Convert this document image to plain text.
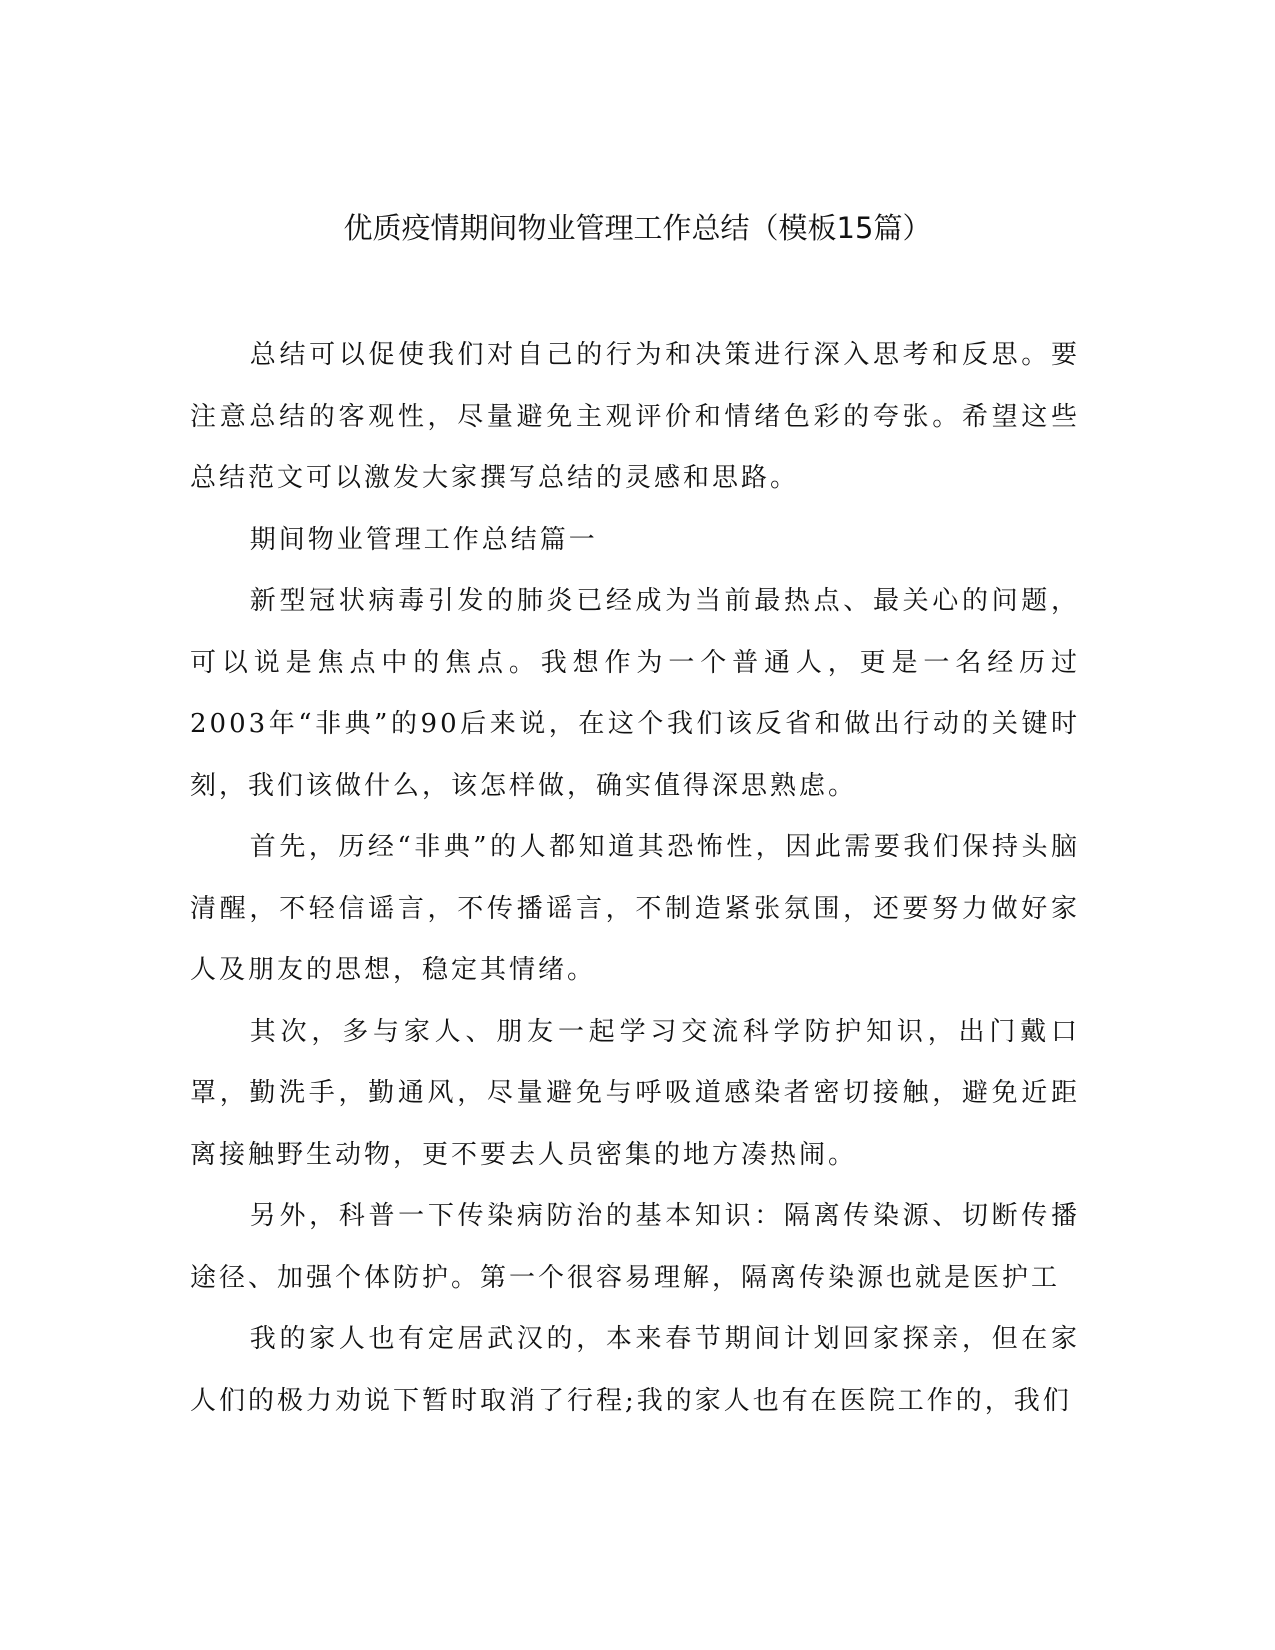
优质疫情期间物业管理工作总结（模板15篇）

总结可以促使我们对自己的行为和决策进行深入思考和反思。要注意总结的客观性，尽量避免主观评价和情绪色彩的夸张。希望这些总结范文可以激发大家撰写总结的灵感和思路。

期间物业管理工作总结篇一

新型冠状病毒引发的肺炎已经成为当前最热点、最关心的问题，可以说是焦点中的焦点。我想作为一个普通人，更是一名经历过2003年“非典”的90后来说，在这个我们该反省和做出行动的关键时刻，我们该做什么，该怎样做，确实值得深思熟虑。

首先，历经“非典”的人都知道其恐怖性，因此需要我们保持头脑清醒，不轻信谣言，不传播谣言，不制造紧张氛围，还要努力做好家人及朋友的思想，稳定其情绪。

其次，多与家人、朋友一起学习交流科学防护知识，出门戴口罩，勤洗手，勤通风，尽量避免与呼吸道感染者密切接触，避免近距离接触野生动物，更不要去人员密集的地方凑热闹。

另外，科普一下传染病防治的基本知识：隔离传染源、切断传播途径、加强个体防护。第一个很容易理解，隔离传染源也就是医护工

我的家人也有定居武汉的，本来春节期间计划回家探亲，但在家人们的极力劝说下暂时取消了行程;我的家人也有在医院工作的，我们
